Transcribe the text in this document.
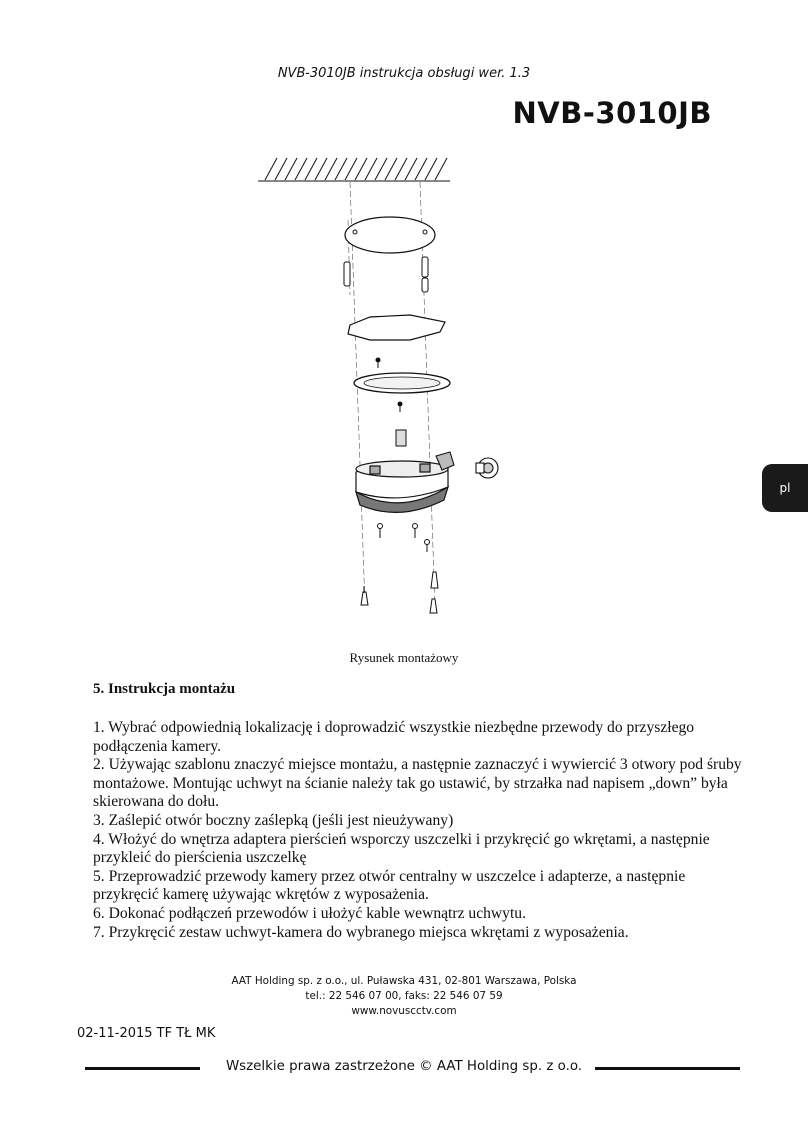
NVB-3010JB instrukcja obsługi wer. 1.3
NVB-3010JB
pl
Rysunek montażowy
5. Instrukcja montażu
1. Wybrać odpowiednią lokalizację i doprowadzić wszystkie niezbędne przewody do przyszłego podłączenia kamery.
2. Używając szablonu znaczyć miejsce montażu, a następnie zaznaczyć i wywiercić 3 otwory pod śruby montażowe. Montując uchwyt na ścianie należy tak go ustawić, by strzałka nad napisem „down” była skierowana do dołu.
3. Zaślepić otwór boczny zaślepką (jeśli jest nieużywany)
4. Włożyć do wnętrza adaptera pierścień wsporczy uszczelki i przykręcić go wkrętami, a następnie przykleić do pierścienia uszczelkę
5. Przeprowadzić przewody kamery przez otwór centralny w uszczelce i adapterze, a następnie przykręcić kamerę używając wkrętów z wyposażenia.
6. Dokonać podłączeń przewodów i ułożyć kable wewnątrz uchwytu.
7. Przykręcić zestaw uchwyt-kamera do wybranego miejsca wkrętami z wyposażenia.
AAT Holding sp. z o.o., ul. Puławska 431, 02-801 Warszawa, Polska
tel.: 22 546 07 00, faks: 22 546 07 59
www.novuscctv.com
02-11-2015 TF TŁ MK
Wszelkie prawa zastrzeżone © AAT Holding sp. z o.o.
